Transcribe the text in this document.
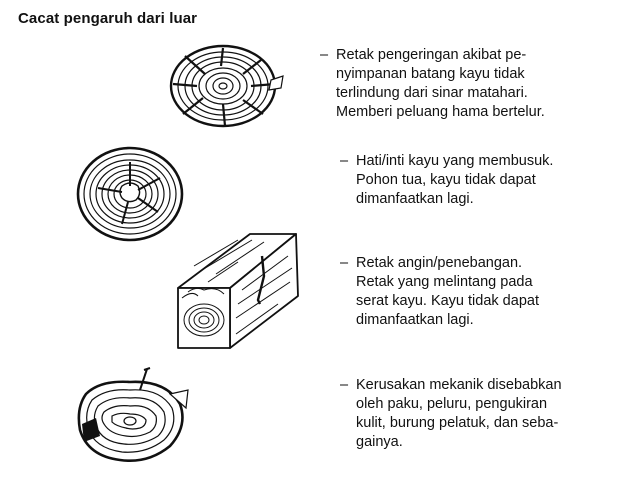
Cacat pengaruh dari luar
– Retak pengeringan akibat pe-
nyimpanan batang kayu tidak
terlindung dari sinar matahari.
Memberi peluang hama bertelur.
– Hati/inti kayu yang membusuk.
Pohon tua, kayu tidak dapat
dimanfaatkan lagi.
– Retak angin/penebangan.
Retak yang melintang pada
serat kayu. Kayu tidak dapat
dimanfaatkan lagi.
– Kerusakan mekanik disebabkan
oleh paku, peluru, pengukiran
kulit, burung pelatuk, dan seba-
gainya.
